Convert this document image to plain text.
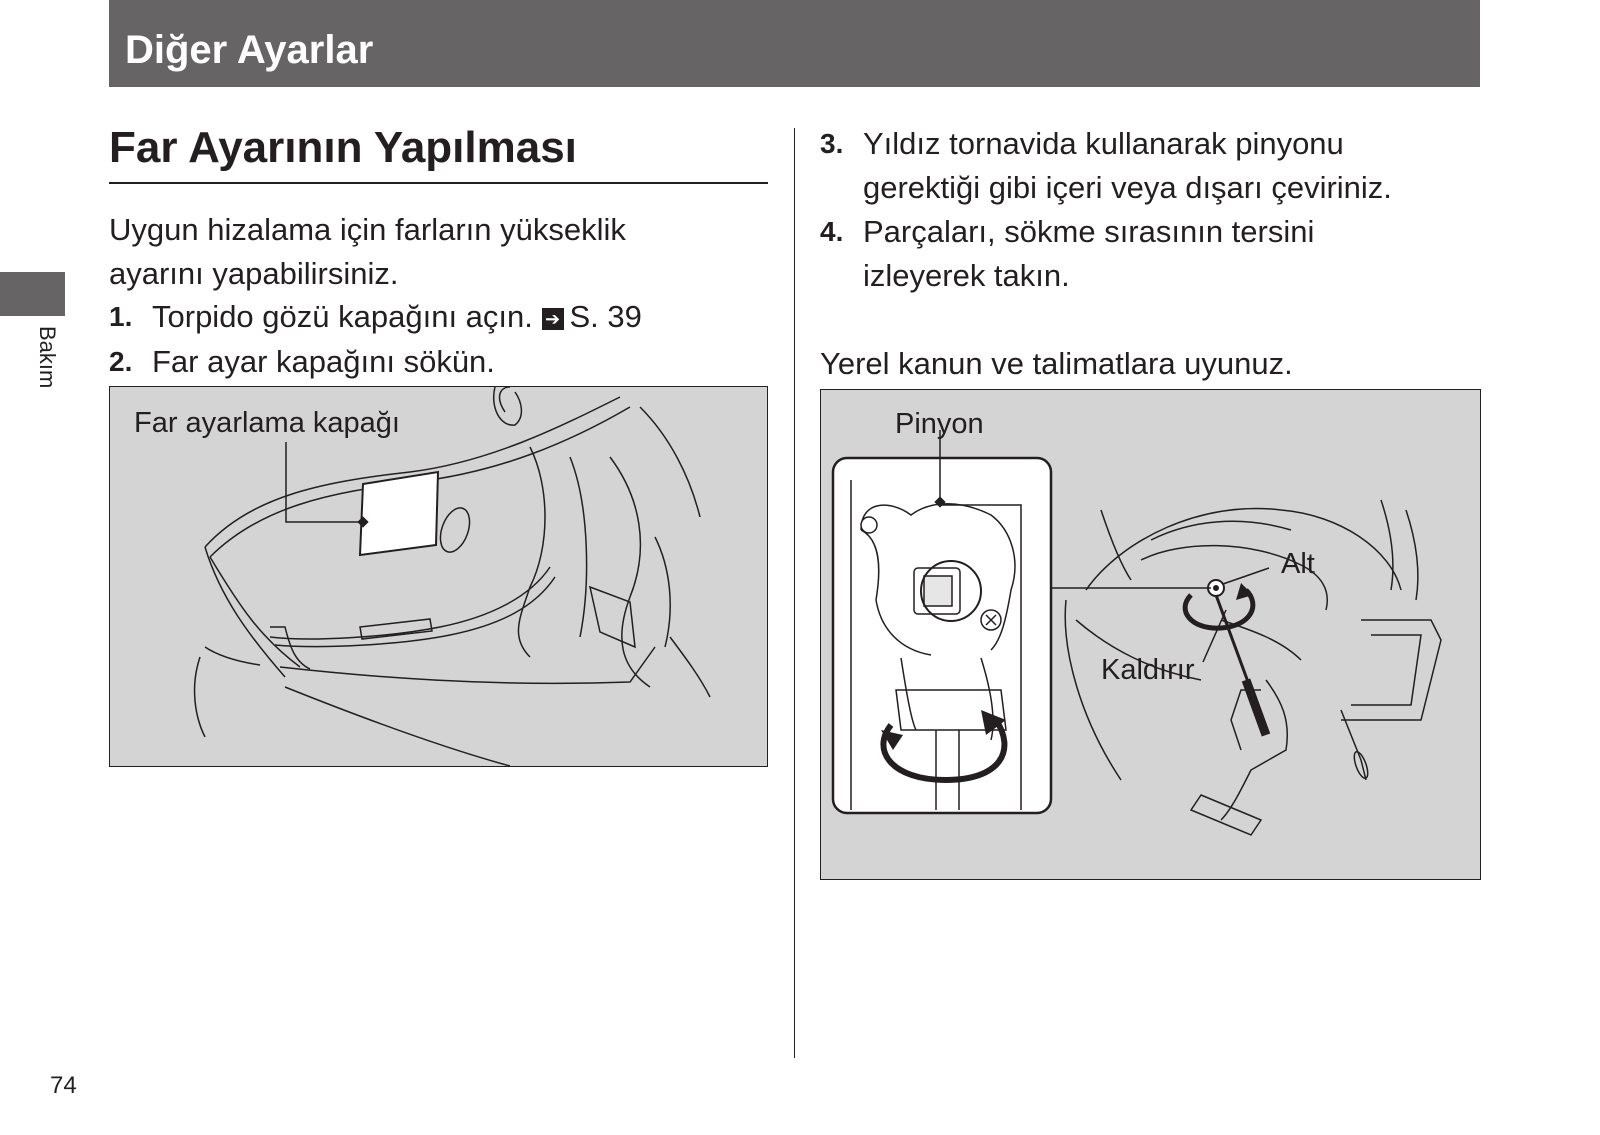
Diğer Ayarlar
Bakım
74
Far Ayarının Yapılması
Uygun hizalama için farların yükseklik
ayarını yapabilirsiniz.
1. Torpido gözü kapağını açın. ➔ S. 39
2. Far ayar kapağını sökün.
Far ayarlama kapağı
3. Yıldız tornavida kullanarak pinyonu
gerektiği gibi içeri veya dışarı çeviriniz.
4. Parçaları, sökme sırasının tersini
izleyerek takın.
Yerel kanun ve talimatlara uyunuz.
Pinyon
Alt
Kaldırır
